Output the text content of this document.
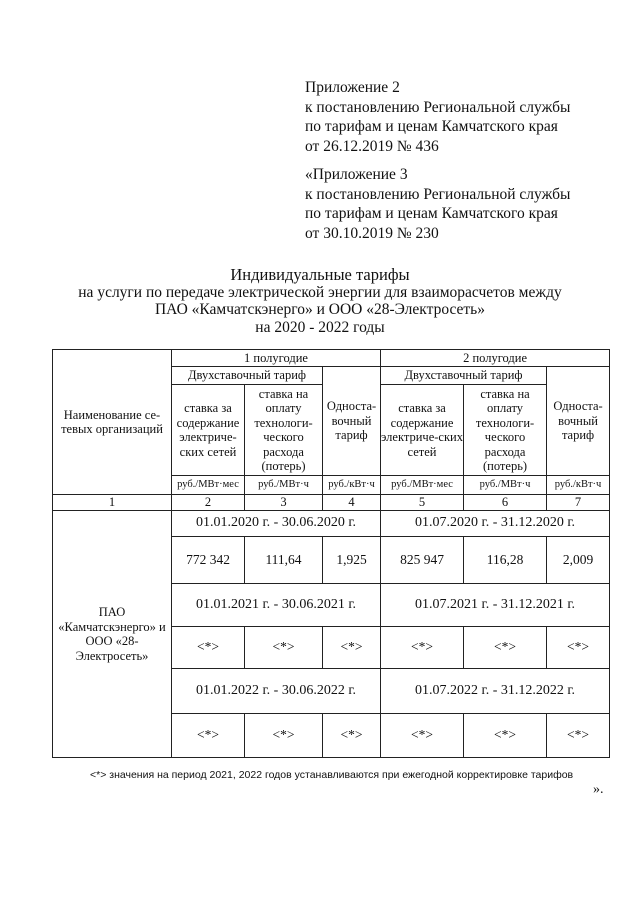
Приложение 2
к постановлению Региональной службы
по тарифам и ценам Камчатского края
от 26.12.2019 № 436
«Приложение 3
к постановлению Региональной службы
по тарифам и ценам Камчатского края
от 30.10.2019 № 230
Индивидуальные тарифы
на услуги по передаче электрической энергии для взаиморасчетов между
ПАО «Камчатскэнерго» и ООО «28-Электросеть»
на 2020 - 2022 годы
Наименование се-тевых организаций	1 полугодие			2 полугодие		
	Двухставочный тариф		Односта-вочный тариф	Двухставочный тариф		Односта-вочный тариф
	ставка за содержание электриче-ских сетей	ставка на оплату технологи-ческого расхода (потерь)		ставка за содержание электриче-ских сетей	ставка на оплату технологи-ческого расхода (потерь)	
	руб./МВт·мес	руб./МВт·ч	руб./кВт·ч	руб./МВт·мес	руб./МВт·ч	руб./кВт·ч
1	2	3	4	5	6	7
ПАО «Камчатскэнерго» и ООО «28-Электросеть»	01.01.2020 г. - 30.06.2020 г.			01.07.2020 г. - 31.12.2020 г.		
	772 342	111,64	1,925	825 947	116,28	2,009
	01.01.2021 г. - 30.06.2021 г.			01.07.2021 г. - 31.12.2021 г.		
	<*>	<*>	<*>	<*>	<*>	<*>
	01.01.2022 г. - 30.06.2022 г.			01.07.2022 г. - 31.12.2022 г.		
	<*>	<*>	<*>	<*>	<*>	<*>
<*> значения на период 2021, 2022 годов устанавливаются при ежегодной корректировке тарифов
».
